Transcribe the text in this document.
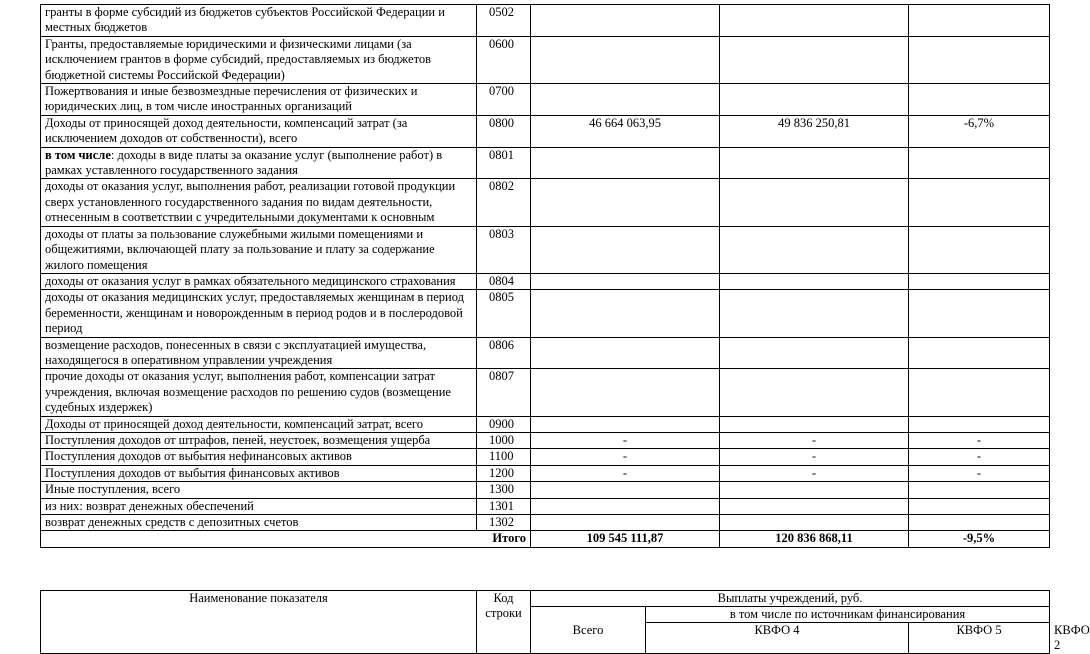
гранты в форме субсидий из бюджетов субъектов Российской Федерации и местных бюджетов	0502			
Гранты, предоставляемые юридическими и физическими лицами (за исключением грантов в форме субсидий, предоставляемых из бюджетов бюджетной системы Российской Федерации)	0600			
Пожертвования и иные безвозмездные перечисления от физических и юридических лиц, в том числе иностранных организаций	0700			
Доходы от приносящей доход деятельности, компенсаций затрат (за исключением доходов от собственности), всего	0800	46 664 063,95	49 836 250,81	-6,7%
в том числе: доходы в виде платы за оказание услуг (выполнение работ) в рамках уставленного государственного задания	0801			
доходы от оказания услуг, выполнения работ, реализации готовой продукции сверх установленного государственного задания по видам деятельности, отнесенным в соответствии с учредительными документами к основным	0802			
доходы от платы за пользование служебными жилыми помещениями и общежитиями, включающей плату за пользование и плату за содержание жилого помещения	0803			
доходы от оказания услуг в рамках обязательного медицинского страхования	0804			
доходы от оказания медицинских услуг, предоставляемых женщинам в период беременности, женщинам и новорожденным в период родов и в послеродовой период	0805			
возмещение расходов, понесенных в связи с эксплуатацией имущества, находящегося в оперативном управлении учреждения	0806			
прочие доходы от оказания услуг, выполнения работ, компенсации затрат учреждения, включая возмещение расходов по решению судов (возмещение судебных издержек)	0807			
Доходы от приносящей доход деятельности, компенсаций затрат, всего	0900			
Поступления доходов от штрафов, пеней, неустоек, возмещения ущерба	1000	-	-	-
Поступления доходов от выбытия нефинансовых активов	1100	-	-	-
Поступления доходов от выбытия финансовых активов	1200	-	-	-
Иные поступления, всего	1300			
из них: возврат денежных обеспечений	1301			
возврат денежных средств с депозитных счетов	1302			
Итого		109 545 111,87	120 836 868,11	-9,5%
Наименование показателя	Код строки	Выплаты учреждений, руб.			
		Всего	в том числе по источникам финансирования		
			КВФО 4	КВФО 5	КВФО 2
